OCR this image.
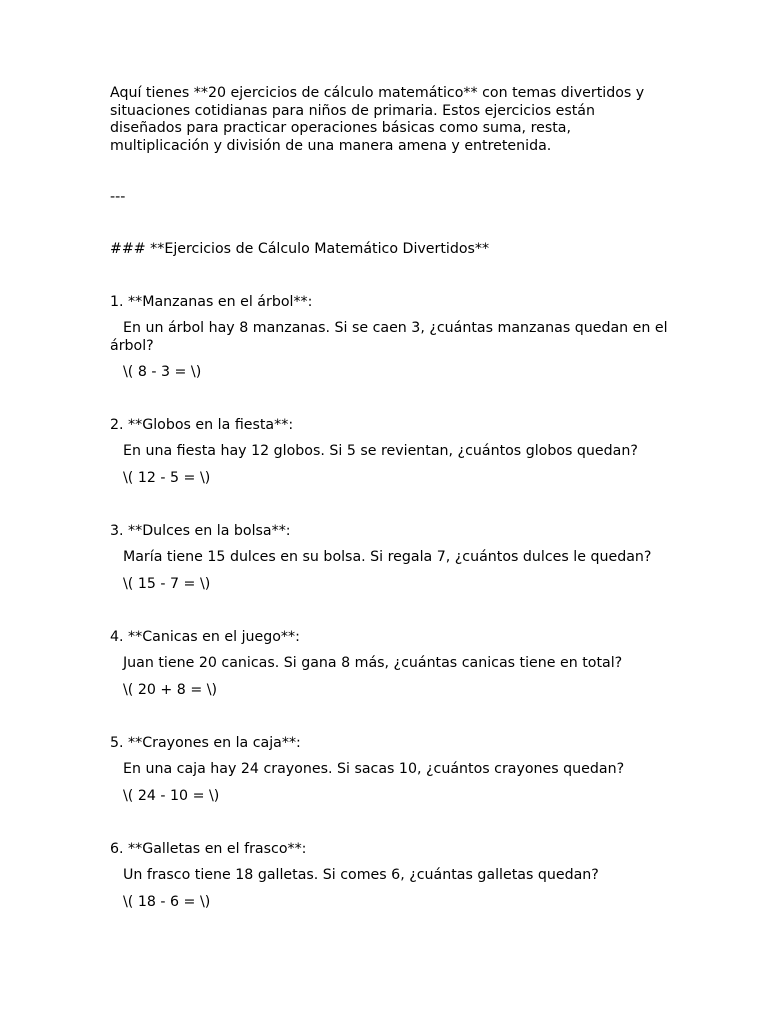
Aquí tienes **20 ejercicios de cálculo matemático** con temas divertidos y situaciones cotidianas para niños de primaria. Estos ejercicios están diseñados para practicar operaciones básicas como suma, resta, multiplicación y división de una manera amena y entretenida.

---

### **Ejercicios de Cálculo Matemático Divertidos**

1. **Manzanas en el árbol**:

En un árbol hay 8 manzanas. Si se caen 3, ¿cuántas manzanas quedan en el árbol?

\( 8 - 3 = \)

2. **Globos en la fiesta**:

En una fiesta hay 12 globos. Si 5 se revientan, ¿cuántos globos quedan?

\( 12 - 5 = \)

3. **Dulces en la bolsa**:

María tiene 15 dulces en su bolsa. Si regala 7, ¿cuántos dulces le quedan?

\( 15 - 7 = \)

4. **Canicas en el juego**:

Juan tiene 20 canicas. Si gana 8 más, ¿cuántas canicas tiene en total?

\( 20 + 8 = \)

5. **Crayones en la caja**:

En una caja hay 24 crayones. Si sacas 10, ¿cuántos crayones quedan?

\( 24 - 10 = \)

6. **Galletas en el frasco**:

Un frasco tiene 18 galletas. Si comes 6, ¿cuántas galletas quedan?

\( 18 - 6 = \)
